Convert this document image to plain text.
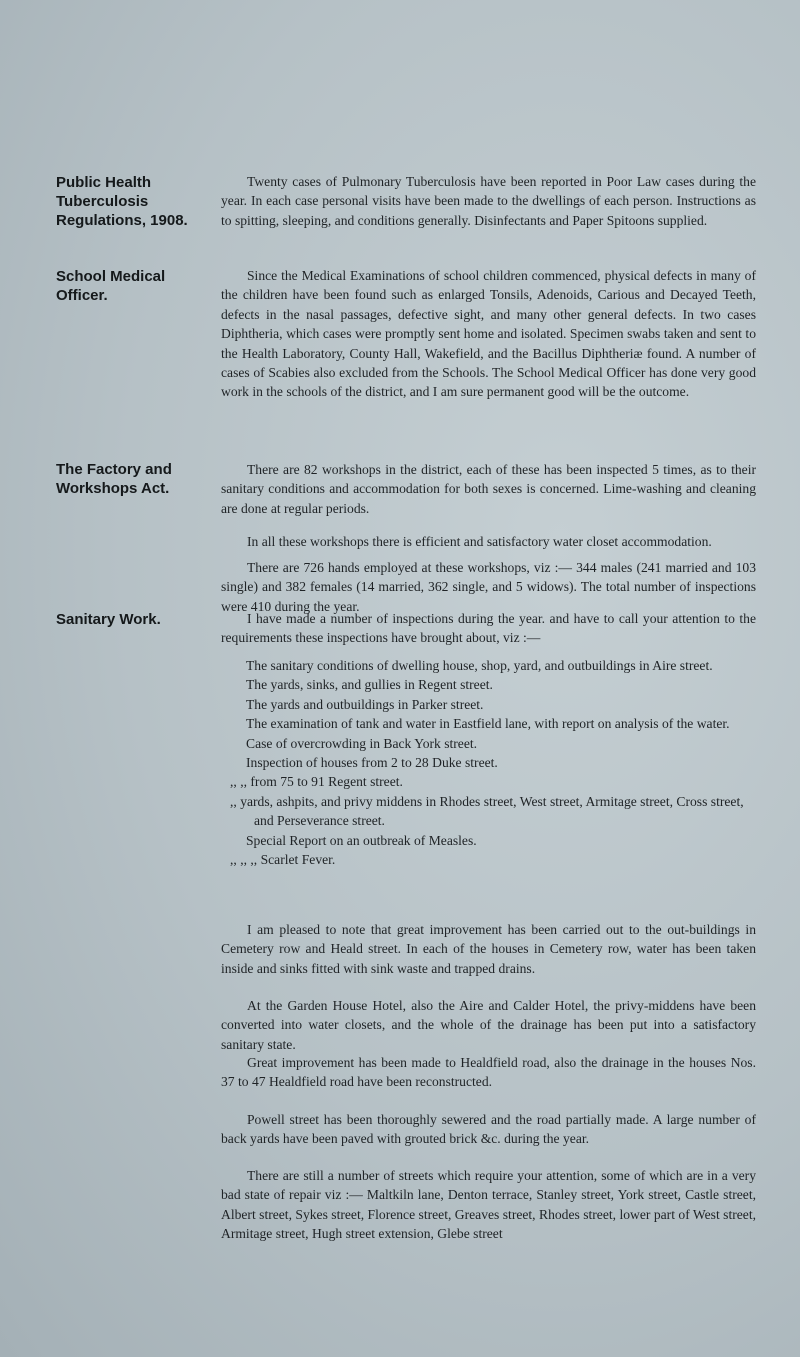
Public Health
Tuberculosis
Regulations, 1908.
School Medical
Officer.
The Factory and
Workshops Act.
Sanitary Work.

Twenty cases of Pulmonary Tuberculosis have been reported in Poor Law cases during the year. In each case personal visits have been made to the dwellings of each person. Instructions as to spitting, sleeping, and conditions generally. Disinfectants and Paper Spitoons supplied.

Since the Medical Examinations of school children commenced, physical defects in many of the children have been found such as enlarged Tonsils, Adenoids, Carious and Decayed Teeth, defects in the nasal passages, defective sight, and many other general defects. In two cases Diphtheria, which cases were promptly sent home and isolated. Specimen swabs taken and sent to the Health Laboratory, County Hall, Wakefield, and the Bacillus Diphtheriæ found. A number of cases of Scabies also excluded from the Schools. The School Medical Officer has done very good work in the schools of the district, and I am sure permanent good will be the outcome.

There are 82 workshops in the district, each of these has been inspected 5 times, as to their sanitary conditions and accommodation for both sexes is concerned. Lime-washing and cleaning are done at regular periods.

In all these workshops there is efficient and satisfactory water closet accommodation.

There are 726 hands employed at these workshops, viz :— 344 males (241 married and 103 single) and 382 females (14 married, 362 single, and 5 widows). The total number of inspections were 410 during the year.

I have made a number of inspections during the year. and have to call your attention to the requirements these inspections have brought about, viz :—

The sanitary conditions of dwelling house, shop, yard, and outbuildings in Aire street.
The yards, sinks, and gullies in Regent street.
The yards and outbuildings in Parker street.
The examination of tank and water in Eastfield lane, with report on analysis of the water.
Case of overcrowding in Back York street.
Inspection of houses from 2 to 28 Duke street.
,, ,, from 75 to 91 Regent street.
,, yards, ashpits, and privy middens in Rhodes street, West street, Armitage street, Cross street, and Perseverance street.
Special Report on an outbreak of Measles.
,, ,, ,, Scarlet Fever.

I am pleased to note that great improvement has been carried out to the out-buildings in Cemetery row and Heald street. In each of the houses in Cemetery row, water has been taken inside and sinks fitted with sink waste and trapped drains.

At the Garden House Hotel, also the Aire and Calder Hotel, the privy-middens have been converted into water closets, and the whole of the drainage has been put into a satisfactory sanitary state.

Great improvement has been made to Healdfield road, also the drainage in the houses Nos. 37 to 47 Healdfield road have been reconstructed.

Powell street has been thoroughly sewered and the road partially made. A large number of back yards have been paved with grouted brick &c. during the year.

There are still a number of streets which require your attention, some of which are in a very bad state of repair viz :— Maltkiln lane, Denton terrace, Stanley street, York street, Castle street, Albert street, Sykes street, Florence street, Greaves street, Rhodes street, lower part of West street, Armitage street, Hugh street extension, Glebe street
